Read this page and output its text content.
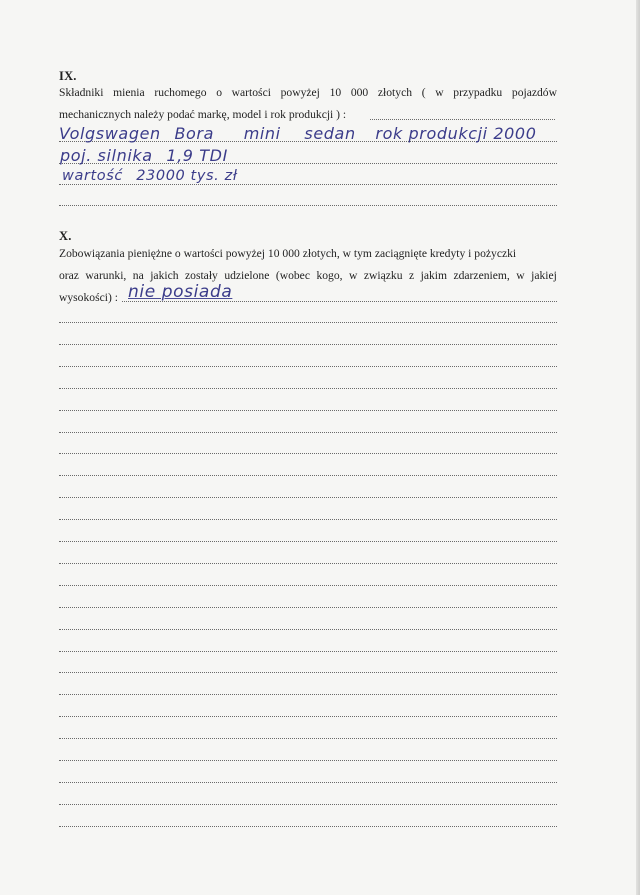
IX.
Składniki mienia ruchomego o wartości powyżej 10 000 złotych ( w przypadku pojazdów
mechanicznych należy podać markę, model i rok produkcji ) :
Volgswagen Bora mini sedan rok produkcji 2000
poj. silnika 1,9 TDI
wartość 23000 tys. zł
X.
Zobowiązania pieniężne o wartości powyżej 10 000 złotych, w tym zaciągnięte kredyty i pożyczki
oraz warunki, na jakich zostały udzielone (wobec kogo, w związku z jakim zdarzeniem, w jakiej
wysokości) : nie posiada
